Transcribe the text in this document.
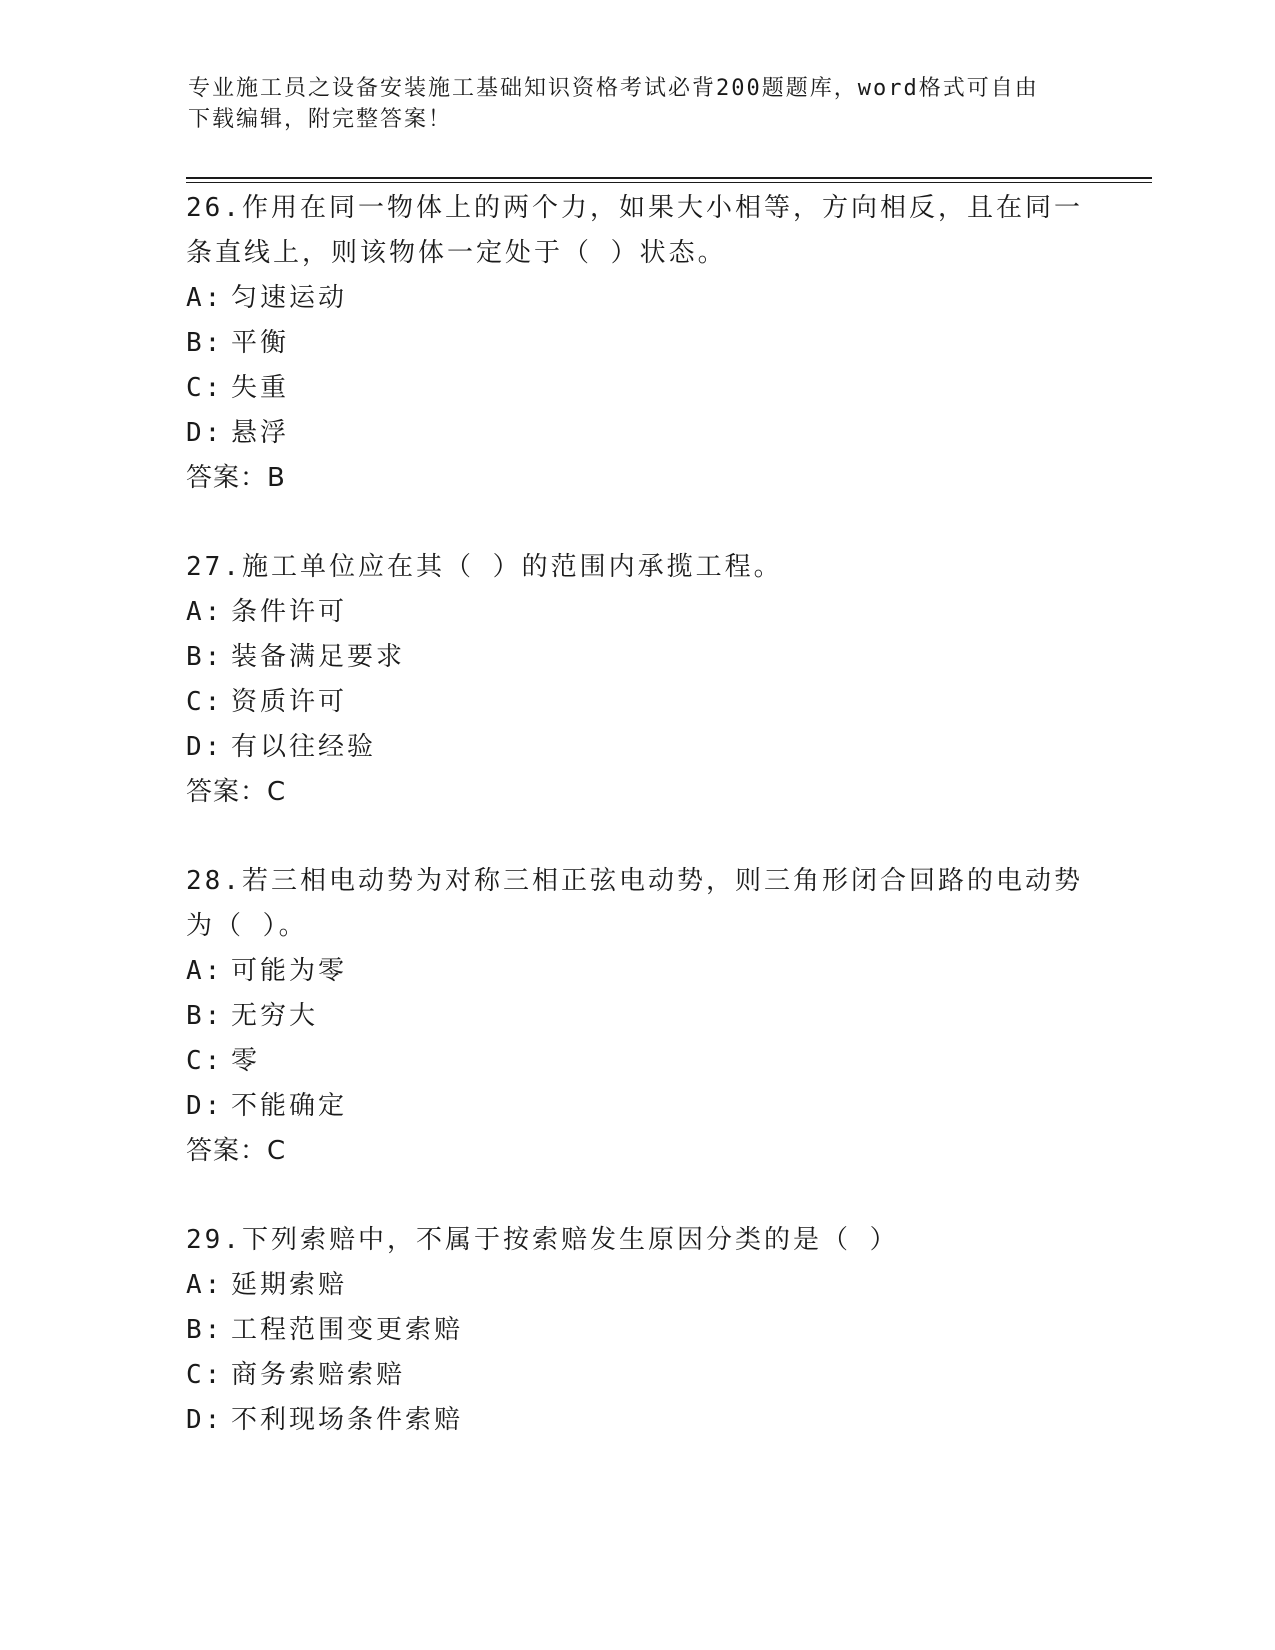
专业施工员之设备安装施工基础知识资格考试必背200题题库，word格式可自由
下载编辑，附完整答案！
26.作用在同一物体上的两个力，如果大小相等，方向相反，且在同一
条直线上，则该物体一定处于（ ）状态。
A: 匀速运动
B: 平衡
C: 失重
D: 悬浮
答案：B
27.施工单位应在其（ ）的范围内承揽工程。
A: 条件许可
B: 装备满足要求
C: 资质许可
D: 有以往经验
答案：C
28.若三相电动势为对称三相正弦电动势，则三角形闭合回路的电动势
为（ ）。
A: 可能为零
B: 无穷大
C: 零
D: 不能确定
答案：C
29.下列索赔中，不属于按索赔发生原因分类的是（ ）
A: 延期索赔
B: 工程范围变更索赔
C: 商务索赔索赔
D: 不利现场条件索赔
